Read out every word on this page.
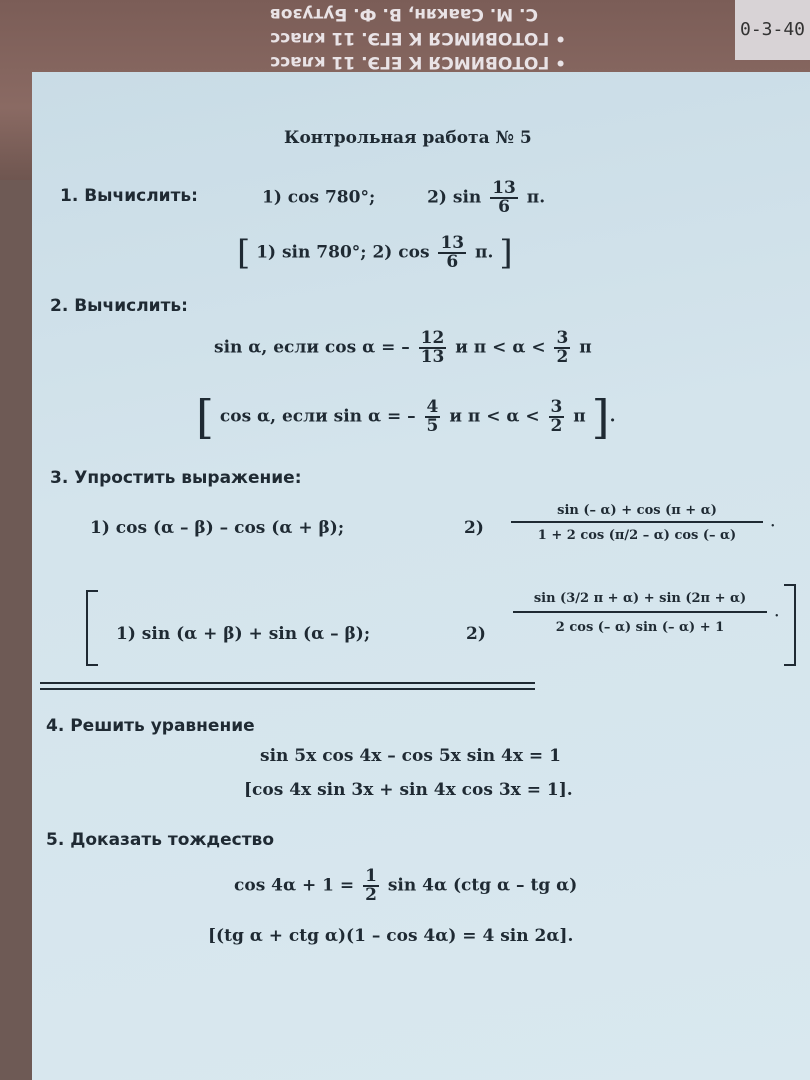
С. М. Саакян, В. Ф. Бутузов
• ГОТОВИМСЯ К ЕГЭ. 11 класс
• ГОТОВИМСЯ К ЕГЭ. 11 класс
0-3-40
Контрольная работа № 5
1. Вычислить:	1) cos 780°;	2) $\sin \frac{13}{6} \pi$.
[ 1) sin 780°; 2) $\cos \frac{13}{6} \pi$. ]
2. Вычислить:
sin α, если cos α = – $\frac{12}{13}$ и $\pi < \alpha < \frac{3}{2}$ π
[ cos α, если sin α = – $\frac{4}{5}$ и $\pi < \alpha < \frac{3}{2}$ π ].
3. Упростить выражение:
1) cos (α – β) – cos (α + β);	$2) \frac{\sin (- \alpha) + \cos (\pi + \alpha)}{1 + 2 \cos (\pi/2 - \alpha) \cos (- \alpha)}$ .
1) sin (α + β) + sin (α – β);	$2) \frac{\sin (3/2 \pi + \alpha) + \sin (2\pi + \alpha)}{2 \cos (- \alpha) \sin (- \alpha) + 1}$ .
4. Решить уравнение
sin 5x cos 4x – cos 5x sin 4x = 1
[cos 4x sin 3x + sin 4x cos 3x = 1].
5. Доказать тождество
$\cos 4\alpha + 1 = \frac{1}{2}$ sin 4α (ctg α – tg α)
[(tg α + ctg α)(1 – cos 4α) = 4 sin 2α].
